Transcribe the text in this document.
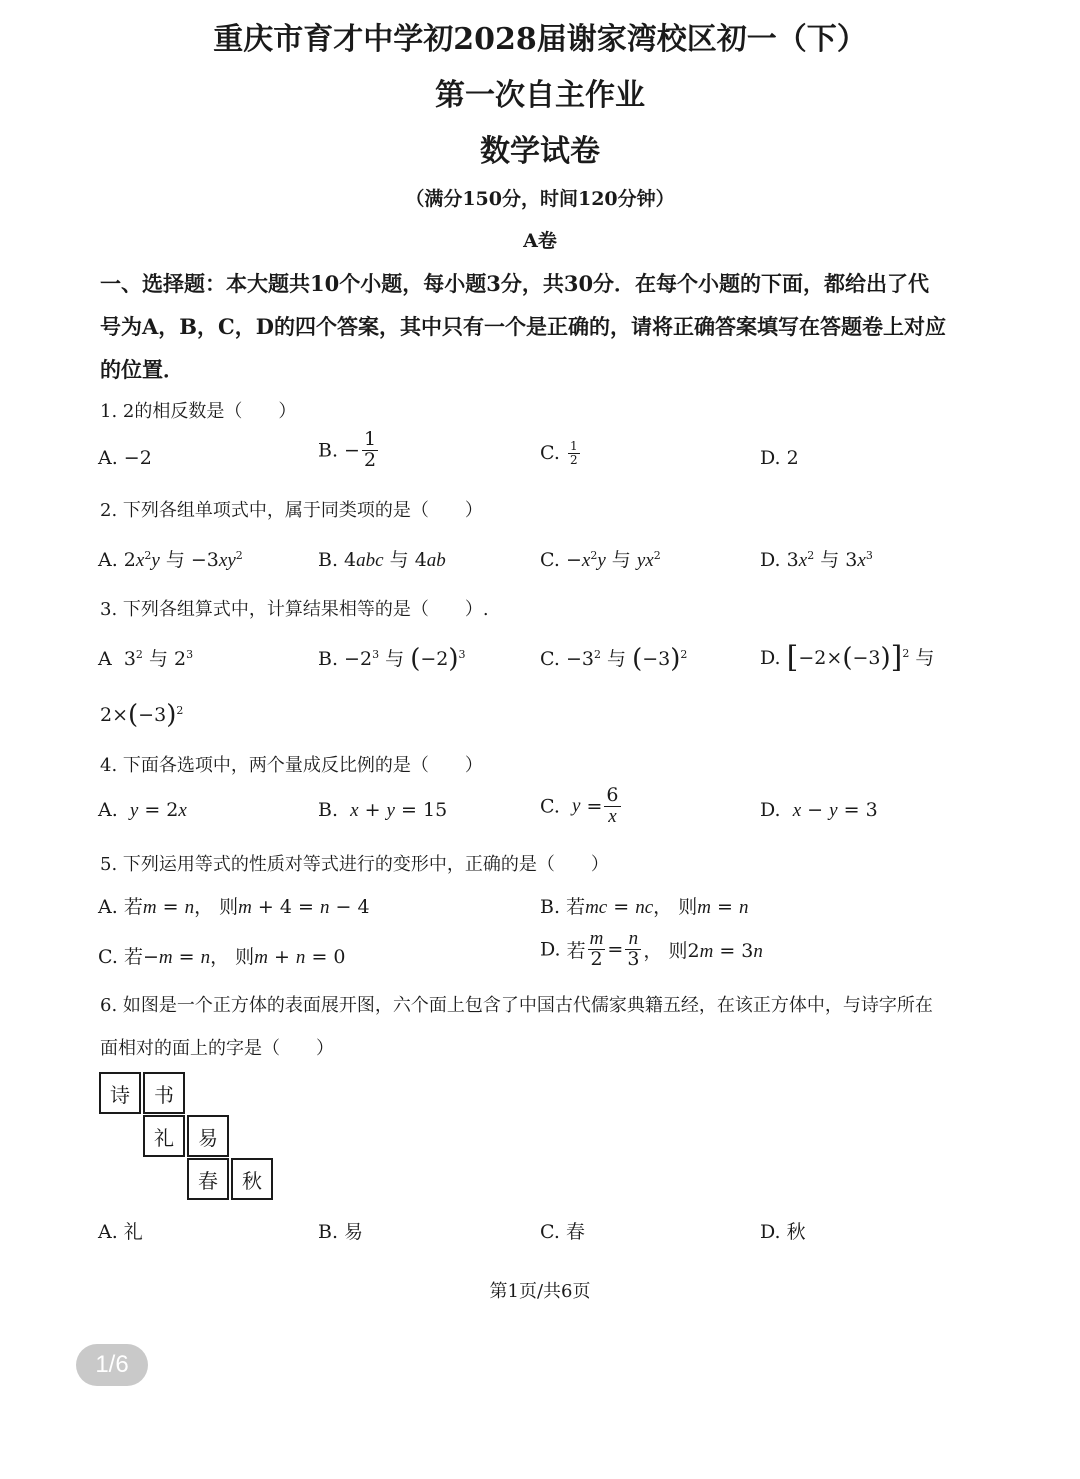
重庆市育才中学初2028届谢家湾校区初一（下）
第一次自主作业
数学试卷
（满分150分，时间120分钟）
A卷
一、选择题：本大题共10个小题，每小题3分，共30分．在每个小题的下面，都给出了代
号为A，B，C，D的四个答案，其中只有一个是正确的，请将正确答案填写在答题卷上对应
的位置．
1. 2的相反数是（　　）
A. −2	B. − $\frac{1}{2}$	C. $\frac{1}{2}$	D. 2
2. 下列各组单项式中，属于同类项的是（　　）
A. $2x^2y$ 与 $-3xy^2$	B. 4abc 与 4ab	C. $-x^2y$ 与 $yx^2$	D. $3x^2$ 与 $3x^3$
3. 下列各组算式中，计算结果相等的是（　　）.
A  $3^2$ 与 $2^3$	B. $-2^3$ 与 $(-2)^3$	C. $-3^2$ 与 $(-3)^2$	D. $[-2\times(-3)]^2$ 与
$2\times(-3)^2$
4. 下面各选项中，两个量成反比例的是（　　）
A. y = 2x	B. x + y = 15	C. $y = \frac{6}{x}$	D. x − y = 3
5. 下列运用等式的性质对等式进行的变形中，正确的是（　　）
A. 若m = n， 则m + 4 = n − 4	B. 若mc = nc， 则m = n
C. 若−m = n， 则m + n = 0	D. 若 $\frac{m}{2} = \frac{n}{3}$ ， 则2m = 3n
6. 如图是一个正方体的表面展开图，六个面上包含了中国古代儒家典籍五经，在该正方体中，与诗字所在
面相对的面上的字是（　　）
诗	书
礼	易
春	秋
A. 礼	B. 易	C. 春	D. 秋
第1页/共6页
1/6
